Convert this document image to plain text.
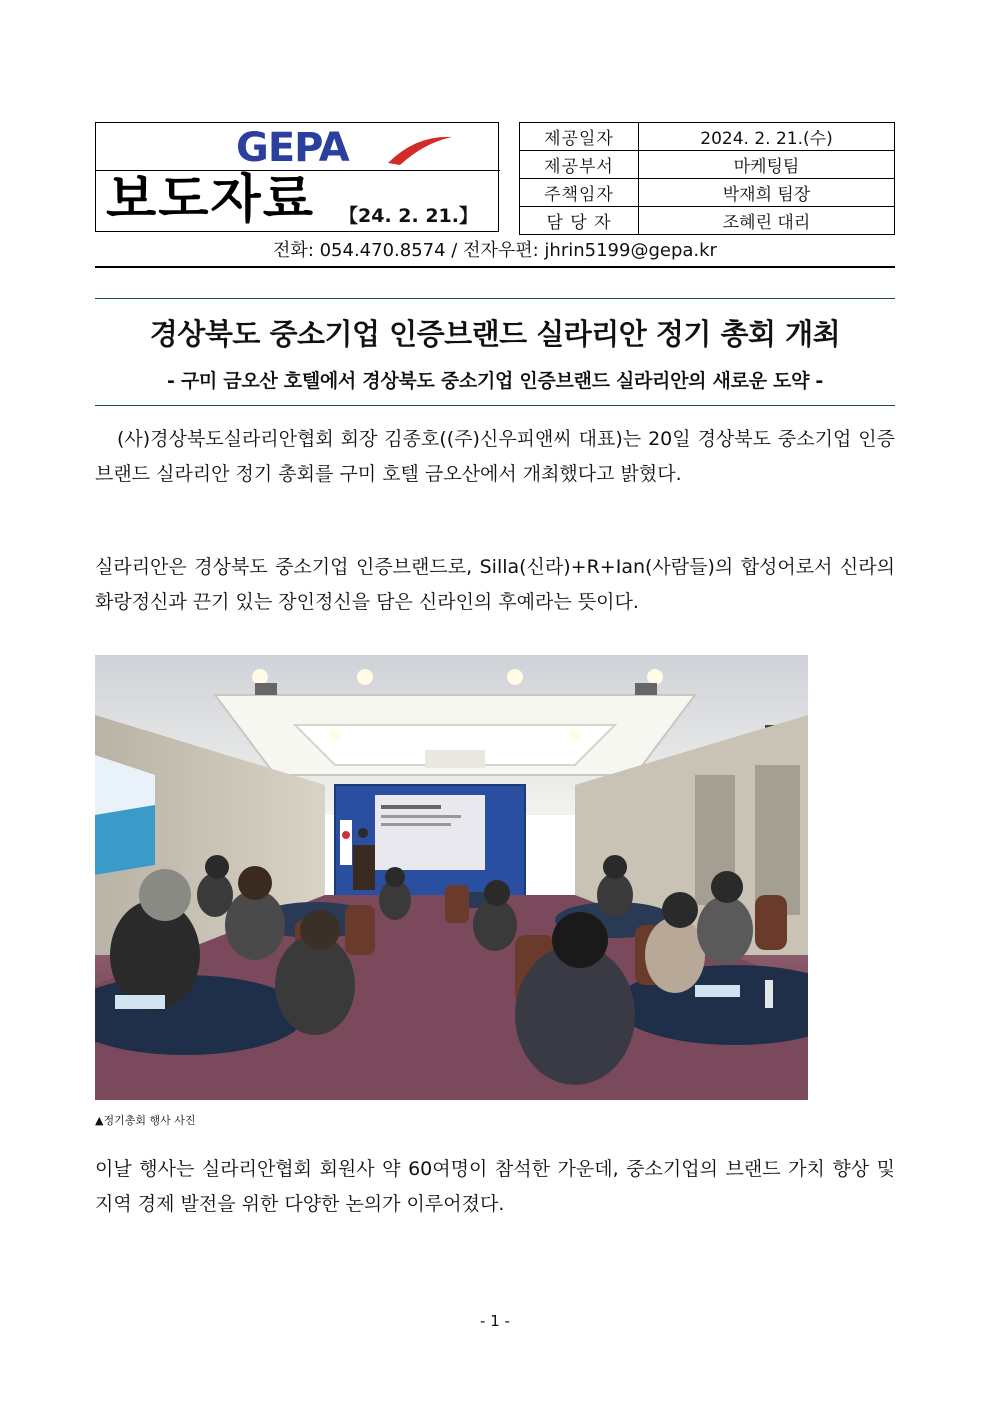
GEPA
보도자료 【24. 2. 21.】
제공일자	2024. 2. 21.(수)
제공부서	마케팅팀
주책임자	박재희 팀장
담 당 자	조혜린 대리
전화: 054.470.8574 / 전자우편: jhrin5199@gepa.kr
경상북도 중소기업 인증브랜드 실라리안 정기 총회 개최
- 구미 금오산 호텔에서 경상북도 중소기업 인증브랜드 실라리안의 새로운 도약 -
(사)경상북도실라리안협회 회장 김종호((주)신우피앤씨 대표)는 20일 경상북도 중소기업 인증브랜드 실라리안 정기 총회를 구미 호텔 금오산에서 개최했다고 밝혔다.
실라리안은 경상북도 중소기업 인증브랜드로, Silla(신라)+R+Ian(사람들)의 합성어로서 신라의 화랑정신과 끈기 있는 장인정신을 담은 신라인의 후예라는 뜻이다.
▲정기총회 행사 사진
이날 행사는 실라리안협회 회원사 약 60여명이 참석한 가운데, 중소기업의 브랜드 가치 향상 및 지역 경제 발전을 위한 다양한 논의가 이루어졌다.
- 1 -
